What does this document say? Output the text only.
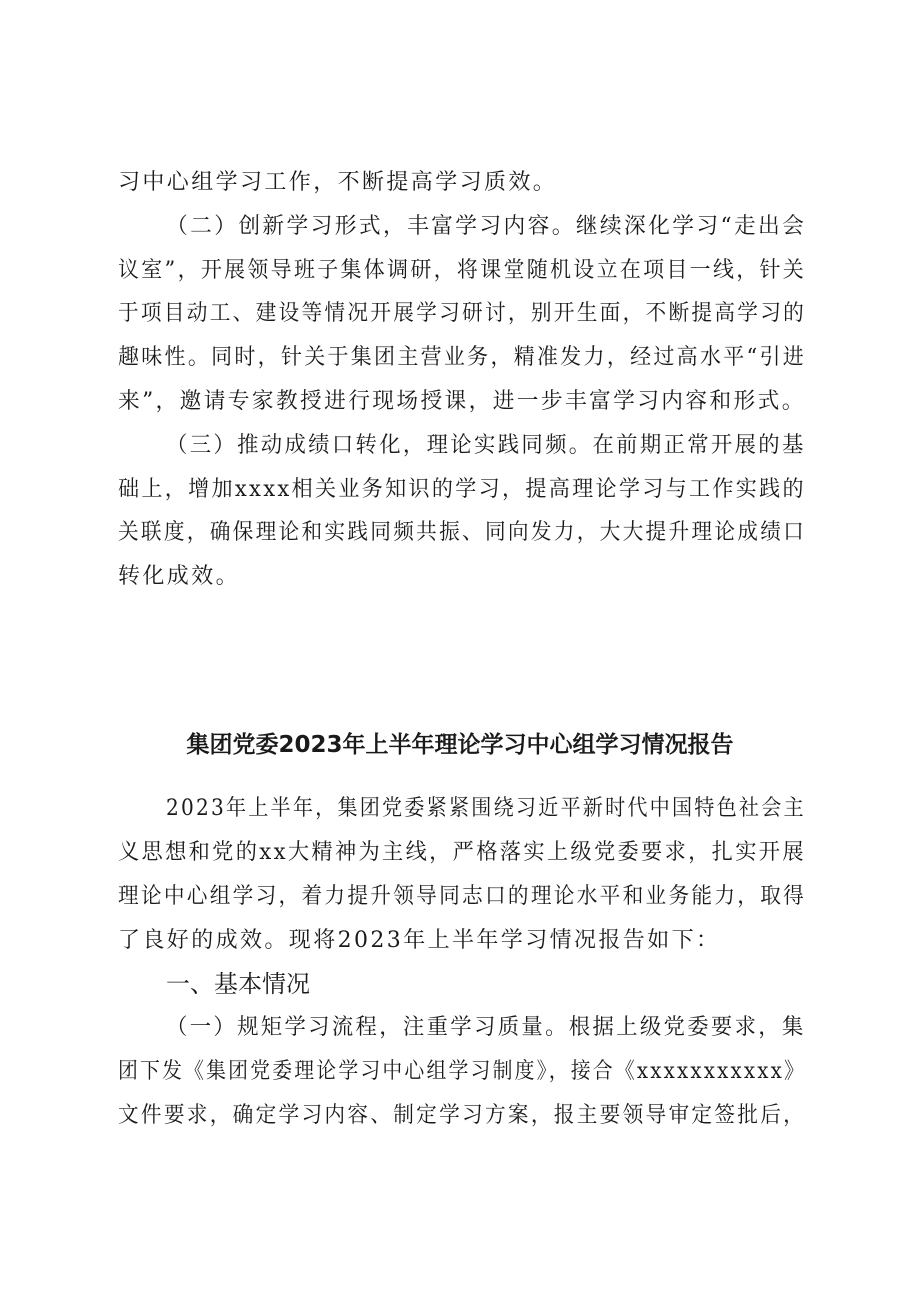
习中心组学习工作，不断提高学习质效。
（二）创新学习形式，丰富学习内容。继续深化学习“走出会
议室”，开展领导班子集体调研，将课堂随机设立在项目一线，针关
于项目动工、建设等情况开展学习研讨，别开生面，不断提高学习的
趣味性。同时，针关于集团主营业务，精准发力，经过高水平“引进
来”，邀请专家教授进行现场授课，进一步丰富学习内容和形式。
（三）推动成绩口转化，理论实践同频。在前期正常开展的基
础上，增加xxxx相关业务知识的学习，提高理论学习与工作实践的
关联度，确保理论和实践同频共振、同向发力，大大提升理论成绩口
转化成效。
集团党委2023年上半年理论学习中心组学习情况报告
2023年上半年，集团党委紧紧围绕习近平新时代中国特色社会主
义思想和党的xx大精神为主线，严格落实上级党委要求，扎实开展
理论中心组学习，着力提升领导同志口的理论水平和业务能力，取得
了良好的成效。现将2023年上半年学习情况报告如下：
一、基本情况
（一）规矩学习流程，注重学习质量。根据上级党委要求，集
团下发《集团党委理论学习中心组学习制度》，接合《xxxxxxxxxxx》
文件要求，确定学习内容、制定学习方案，报主要领导审定签批后，
